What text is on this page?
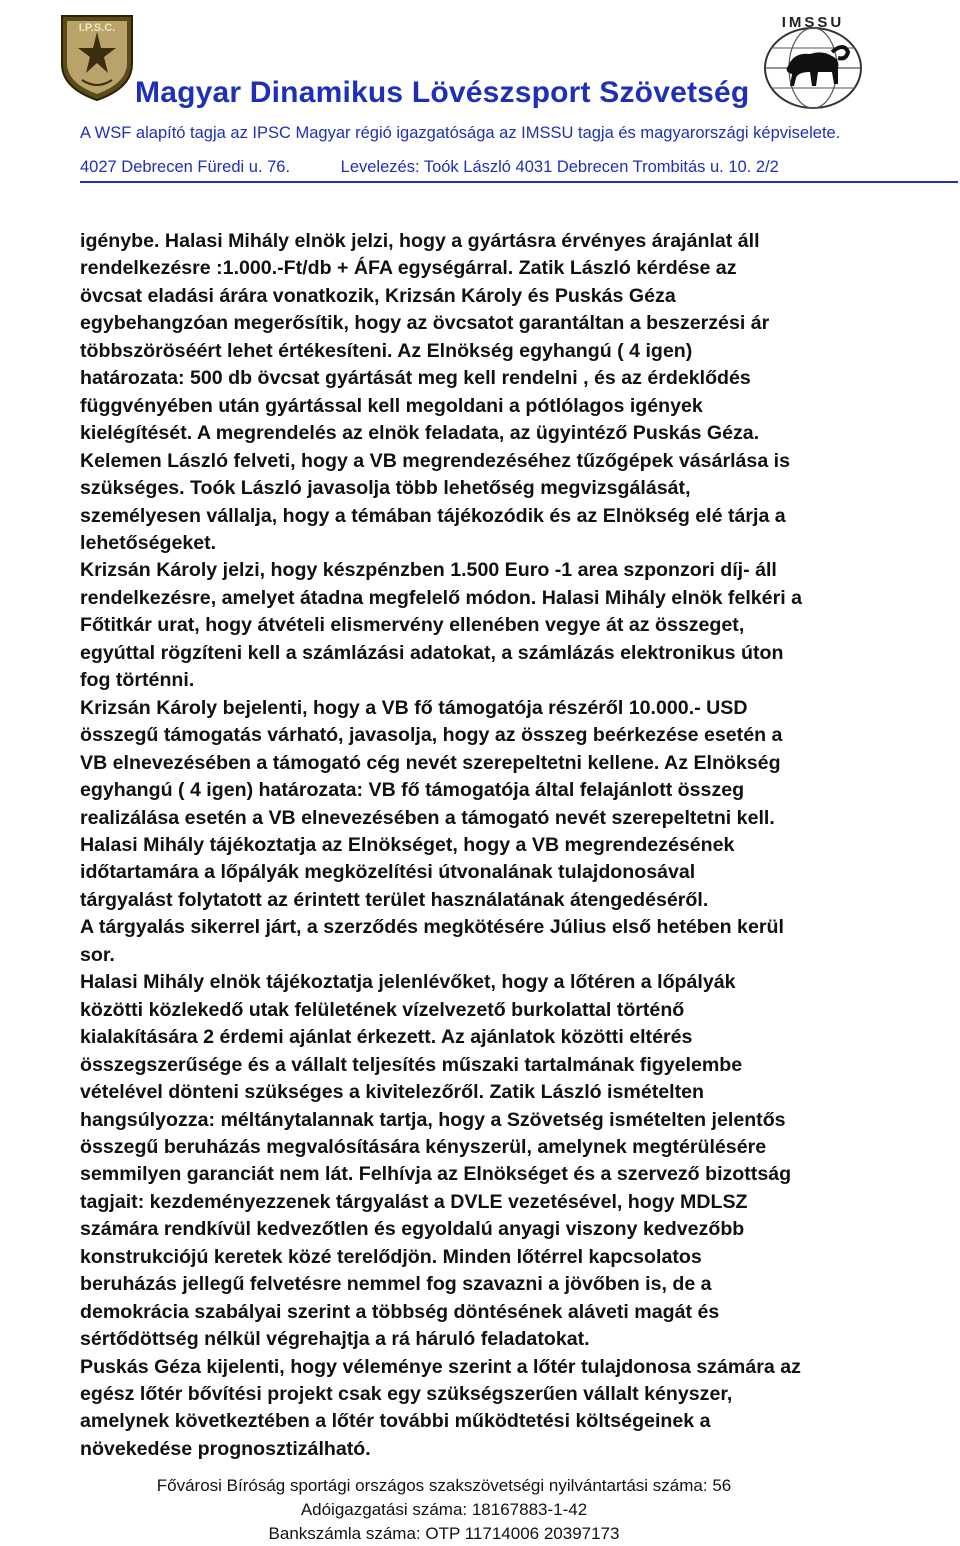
I.P.S.C.	IMSSU
Magyar Dinamikus Lövészsport Szövetség
A WSF alapító tagja az IPSC Magyar régió igazgatósága az IMSSU tagja és magyarországi képviselete.
4027 Debrecen Füredi u. 76.	Levelezés: Toók László 4031 Debrecen Trombitás u. 10. 2/2

igénybe. Halasi Mihály elnök jelzi, hogy a gyártásra érvényes árajánlat áll
rendelkezésre :1.000.-Ft/db + ÁFA egységárral. Zatik László kérdése az
övcsat eladási árára vonatkozik, Krizsán Károly és Puskás Géza
egybehangzóan megerősítik, hogy az övcsatot garantáltan a beszerzési ár
többszöröséért lehet értékesíteni. Az Elnökség egyhangú ( 4 igen)
határozata: 500 db övcsat gyártását meg kell rendelni , és az érdeklődés
függvényében után gyártással kell megoldani a pótlólagos igények
kielégítését. A megrendelés az elnök feladata, az ügyintéző Puskás Géza.
Kelemen László felveti, hogy a VB megrendezéséhez tűzőgépek vásárlása is
szükséges. Toók László javasolja több lehetőség megvizsgálását,
személyesen vállalja, hogy a témában tájékozódik és az Elnökség elé tárja a
lehetőségeket.

Krizsán Károly jelzi, hogy készpénzben 1.500 Euro -1 area szponzori díj- áll
rendelkezésre, amelyet átadna megfelelő módon. Halasi Mihály elnök felkéri a
Főtitkár urat, hogy átvételi elismervény ellenében vegye át az összeget,
egyúttal rögzíteni kell a számlázási adatokat, a számlázás elektronikus úton
fog történni.

Krizsán Károly bejelenti, hogy a VB fő támogatója részéről 10.000.- USD
összegű támogatás várható, javasolja, hogy az összeg beérkezése esetén a
VB elnevezésében a támogató cég nevét szerepeltetni kellene. Az Elnökség
egyhangú ( 4 igen) határozata: VB fő támogatója által felajánlott összeg
realizálása esetén a VB elnevezésében a támogató nevét szerepeltetni kell.

Halasi Mihály tájékoztatja az Elnökséget, hogy a VB megrendezésének
időtartamára a lőpályák megközelítési útvonalának tulajdonosával
tárgyalást folytatott az érintett terület használatának átengedéséről.

A tárgyalás sikerrel járt, a szerződés megkötésére Július első hetében kerül
sor.

Halasi Mihály elnök tájékoztatja jelenlévőket, hogy a lőtéren a lőpályák
közötti közlekedő utak felületének vízelvezető burkolattal történő
kialakítására 2 érdemi ajánlat érkezett. Az ajánlatok közötti eltérés
összegszerűsége és a vállalt teljesítés műszaki tartalmának figyelembe
vételével dönteni szükséges a kivitelezőről. Zatik László ismételten
hangsúlyozza: méltánytalannak tartja, hogy a Szövetség ismételten jelentős
összegű beruházás megvalósítására kényszerül, amelynek megtérülésére
semmilyen garanciát nem lát. Felhívja az Elnökséget és a szervező bizottság
tagjait: kezdeményezzenek tárgyalást a DVLE vezetésével, hogy MDLSZ
számára rendkívül kedvezőtlen és egyoldalú anyagi viszony kedvezőbb
konstrukciójú keretek közé terelődjön. Minden lőtérrel kapcsolatos
beruházás jellegű felvetésre nemmel fog szavazni a jövőben is, de a
demokrácia szabályai szerint a többség döntésének aláveti magát és
sértődöttség nélkül végrehajtja a rá háruló feladatokat.

Puskás Géza kijelenti, hogy véleménye szerint a lőtér tulajdonosa számára az
egész lőtér bővítési projekt csak egy szükségszerűen vállalt kényszer,
amelynek következtében a lőtér további működtetési költségeinek a
növekedése prognosztizálható.

Fővárosi Bíróság sportági országos szakszövetségi nyilvántartási száma: 56
Adóigazgatási száma: 18167883-1-42
Bankszámla száma: OTP 11714006 20397173
